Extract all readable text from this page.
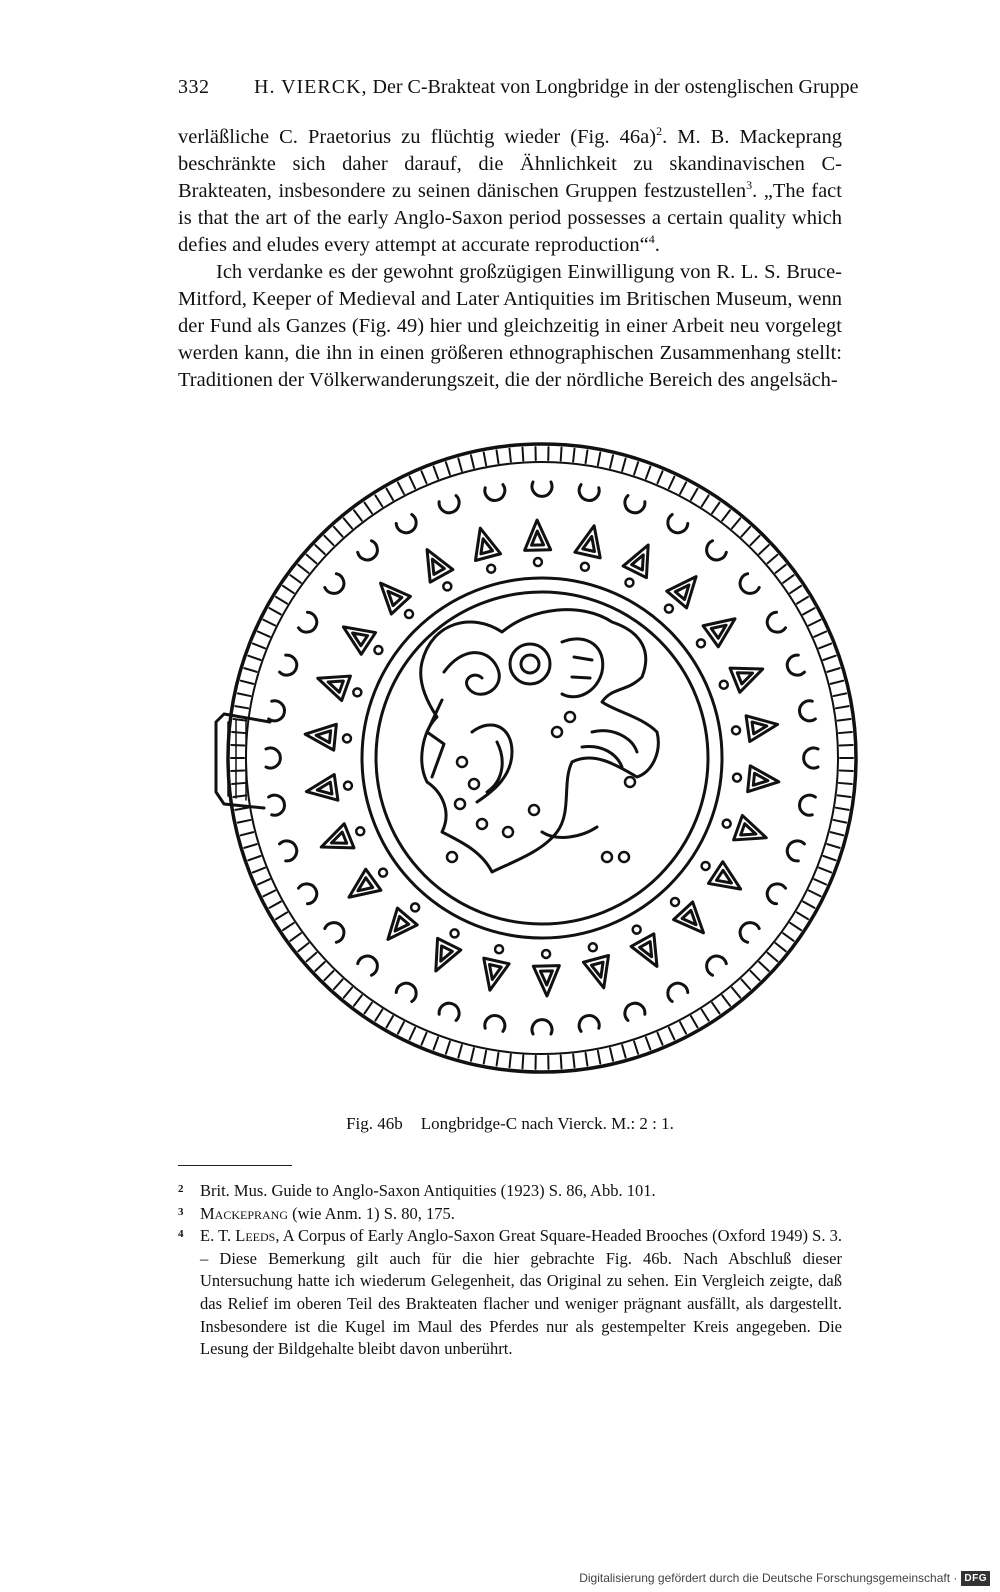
332 H. VIERCK, Der C-Brakteat von Longbridge in der ostenglischen Gruppe

verläßliche C. Praetorius zu flüchtig wieder (Fig. 46a)$^2$. M. B. Mackeprang beschränkte sich daher darauf, die Ähnlichkeit zu skandinavischen C-Brakteaten, insbesondere zu seinen dänischen Gruppen festzustellen$^3$. „The fact is that the art of the early Anglo-Saxon period possesses a certain quality which defies and eludes every attempt at accurate reproduction“$^4$.

Ich verdanke es der gewohnt großzügigen Einwilligung von R. L. S. Bruce-Mitford, Keeper of Medieval and Later Antiquities im Britischen Museum, wenn der Fund als Ganzes (Fig. 49) hier und gleichzeitig in einer Arbeit neu vorgelegt werden kann, die ihn in einen größeren ethnographischen Zusammenhang stellt: Traditionen der Völkerwanderungszeit, die der nördliche Bereich des angelsäch-

Fig. 46b Longbridge-C nach Vierck. M.: 2 : 1.

2 Brit. Mus. Guide to Anglo-Saxon Antiquities (1923) S. 86, Abb. 101.

3 Mackeprang (wie Anm. 1) S. 80, 175.

4 E. T. Leeds, A Corpus of Early Anglo-Saxon Great Square-Headed Brooches (Oxford 1949) S. 3. – Diese Bemerkung gilt auch für die hier gebrachte Fig. 46b. Nach Abschluß dieser Untersuchung hatte ich wiederum Gelegenheit, das Original zu sehen. Ein Vergleich zeigte, daß das Relief im oberen Teil des Brakteaten flacher und weniger prägnant ausfällt, als dargestellt. Insbesondere ist die Kugel im Maul des Pferdes nur als gestempelter Kreis angegeben. Die Lesung der Bildgehalte bleibt davon unberührt.

Digitalisierung gefördert durch die Deutsche Forschungsgemeinschaft · DFG
